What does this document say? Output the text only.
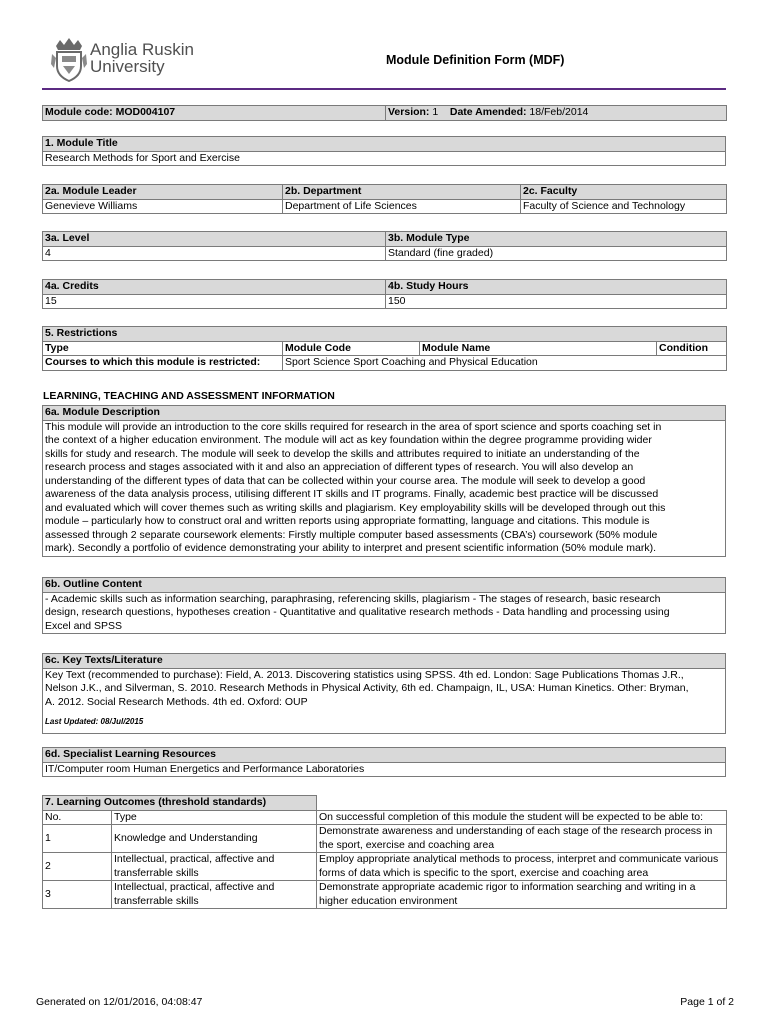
Anglia Ruskin
University	Module Definition Form (MDF)
Module code: MOD004107	Version: 1 Date Amended: 18/Feb/2014
1. Module Title
Research Methods for Sport and Exercise
2a. Module Leader	2b. Department	2c. Faculty
Genevieve Williams	Department of Life Sciences	Faculty of Science and Technology
3a. Level	3b. Module Type
4	Standard (fine graded)
4a. Credits	4b. Study Hours
15	150
5. Restrictions			
Type	Module Code	Module Name	Condition
Courses to which this module is restricted:	Sport Science Sport Coaching and Physical Education		
LEARNING, TEACHING AND ASSESSMENT INFORMATION
6a. Module Description

This module will provide an introduction to the core skills required for research in the area of sport science and sports coaching set in
the context of a higher education environment. The module will act as key foundation within the degree programme providing wider
skills for study and research. The module will seek to develop the skills and attributes required to initiate an understanding of the
research process and stages associated with it and also an appreciation of different types of research. You will also develop an
understanding of the different types of data that can be collected within your course area. The module will seek to develop a good
awareness of the data analysis process, utilising different IT skills and IT programs. Finally, academic best practice will be discussed
and evaluated which will cover themes such as writing skills and plagiarism. Key employability skills will be developed through out this
module – particularly how to construct oral and written reports using appropriate formatting, language and citations. This module is
assessed through 2 separate coursework elements: Firstly multiple computer based assessments (CBA’s) coursework (50% module
mark). Secondly a portfolio of evidence demonstrating your ability to interpret and present scientific information (50% module mark).
6b. Outline Content

- Academic skills such as information searching, paraphrasing, referencing skills, plagiarism - The stages of research, basic research
design, research questions, hypotheses creation - Quantitative and qualitative research methods - Data handling and processing using
Excel and SPSS
6c. Key Texts/Literature

Key Text (recommended to purchase): Field, A. 2013. Discovering statistics using SPSS. 4th ed. London: Sage Publications Thomas J.R.,
Nelson J.K., and Silverman, S. 2010. Research Methods in Physical Activity, 6th ed. Champaign, IL, USA: Human Kinetics. Other: Bryman,
A. 2012. Social Research Methods. 4th ed. Oxford: OUP
Last Updated: 08/Jul/2015
6d. Specialist Learning Resources
IT/Computer room Human Energetics and Performance Laboratories
7. Learning Outcomes (threshold standards)		
No.	Type	On successful completion of this module the student will be expected to be able to:
1	Knowledge and Understanding	Demonstrate awareness and understanding of each stage of the research process in the sport, exercise and coaching area
2	Intellectual, practical, affective and transferrable skills	Employ appropriate analytical methods to process, interpret and communicate various forms of data which is specific to the sport, exercise and coaching area
3	Intellectual, practical, affective and transferrable skills	Demonstrate appropriate academic rigor to information searching and writing in a higher education environment
Generated on 12/01/2016, 04:08:47	Page 1 of 2
